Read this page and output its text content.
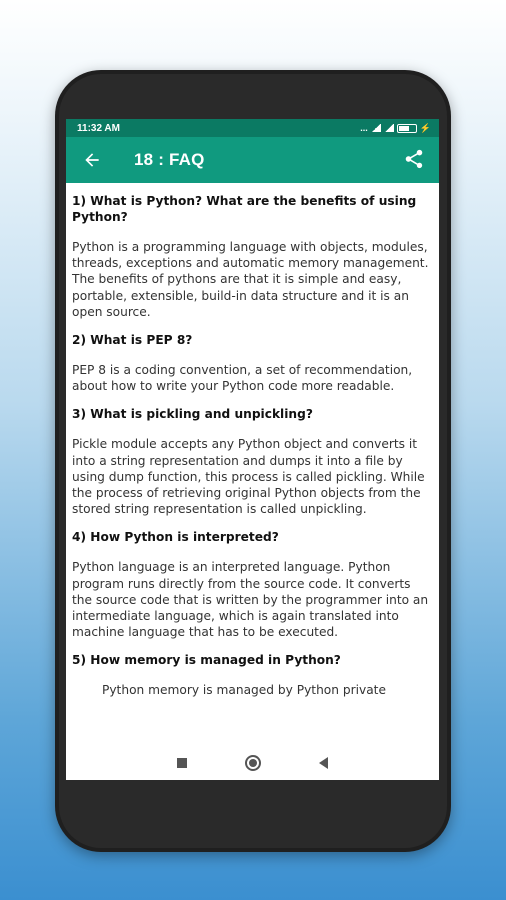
11:32 AM	...	⚡
18 : FAQ
1) What is Python? What are the benefits of using Python?
Python is a programming language with objects, modules, threads, exceptions and automatic memory management. The benefits of pythons are that it is simple and easy, portable, extensible, build-in data structure and it is an open source.
2) What is PEP 8?
PEP 8 is a coding convention, a set of recommendation, about how to write your Python code more readable.
3) What is pickling and unpickling?
Pickle module accepts any Python object and converts it into a string representation and dumps it into a file by using dump function, this process is called pickling. While the process of retrieving original Python objects from the stored string representation is called unpickling.
4) How Python is interpreted?
Python language is an interpreted language. Python program runs directly from the source code. It converts the source code that is written by the programmer into an intermediate language, which is again translated into machine language that has to be executed.
5) How memory is managed in Python?
Python memory is managed by Python private
